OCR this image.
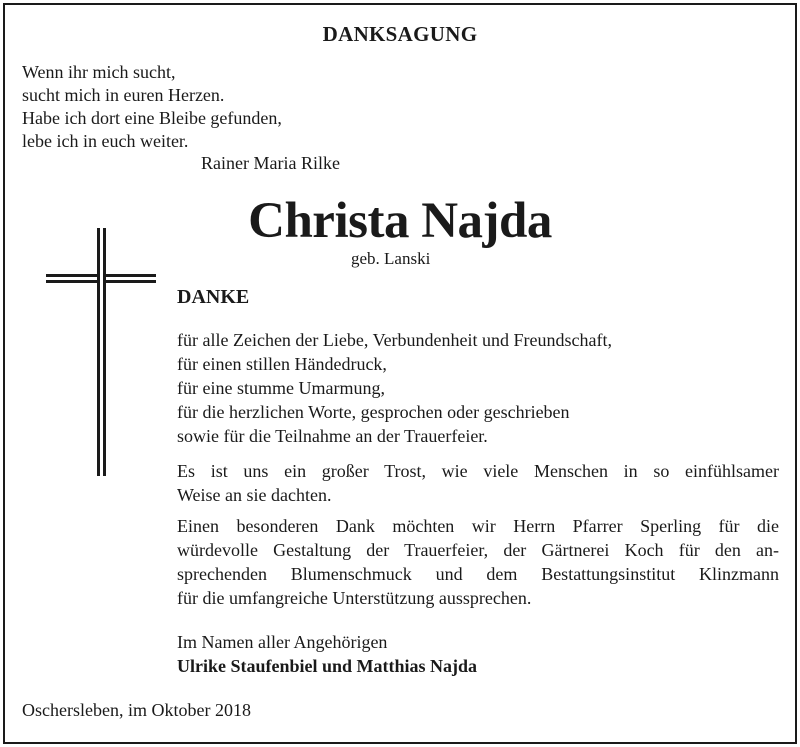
DANKSAGUNG
Wenn ihr mich sucht,
sucht mich in euren Herzen.
Habe ich dort eine Bleibe gefunden,
lebe ich in euch weiter.
Rainer Maria Rilke
Christa Najda
geb. Lanski
DANKE
für alle Zeichen der Liebe, Verbundenheit und Freundschaft,
für einen stillen Händedruck,
für eine stumme Umarmung,
für die herzlichen Worte, gesprochen oder geschrieben
sowie für die Teilnahme an der Trauerfeier.
Es ist uns ein großer Trost, wie viele Menschen in so einfühlsamer
Weise an sie dachten.
Einen besonderen Dank möchten wir Herrn Pfarrer Sperling für die
würdevolle Gestaltung der Trauerfeier, der Gärtnerei Koch für den an-
sprechenden Blumenschmuck und dem Bestattungsinstitut Klinzmann
für die umfangreiche Unterstützung aussprechen.
Im Namen aller Angehörigen
Ulrike Staufenbiel und Matthias Najda
Oschersleben, im Oktober 2018
